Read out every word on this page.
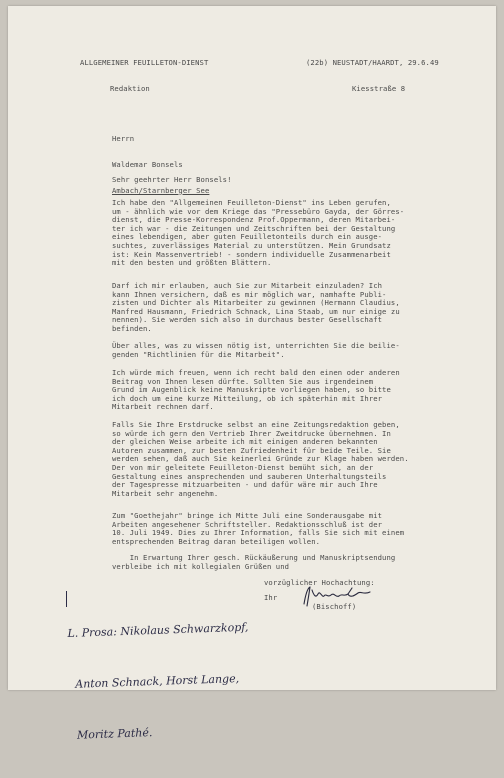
ALLGEMEINER FEUILLETON-DIENST

Redaktion

(22b) NEUSTADT/HAARDT, 29.6.49

Kiesstraße 8

Herrn

Waldemar Bonsels

Ambach/Starnberger See

Sehr geehrter Herr Bonsels!
Ich habe den "Allgemeinen Feuilleton-Dienst" ins Leben gerufen,
um - ähnlich wie vor dem Kriege das "Pressebüro Gayda, der Görres-
dienst, die Presse-Korrespondenz Prof.Oppermann, deren Mitarbei-
ter ich war - die Zeitungen und Zeitschriften bei der Gestaltung
eines lebendigen, aber guten Feuilletonteils durch ein ausge-
suchtes, zuverlässiges Material zu unterstützen. Mein Grundsatz
ist: Kein Massenvertrieb! - sondern individuelle Zusammenarbeit
mit den besten und größten Blättern.
Darf ich mir erlauben, auch Sie zur Mitarbeit einzuladen? Ich
kann Ihnen versichern, daß es mir möglich war, namhafte Publi-
zisten und Dichter als Mitarbeiter zu gewinnen (Hermann Claudius,
Manfred Hausmann, Friedrich Schnack, Lina Staab, um nur einige zu
nennen). Sie werden sich also in durchaus bester Gesellschaft
befinden.
Über alles, was zu wissen nötig ist, unterrichten Sie die beilie-
genden "Richtlinien für die Mitarbeit".
Ich würde mich freuen, wenn ich recht bald den einen oder anderen
Beitrag von Ihnen lesen dürfte. Sollten Sie aus irgendeinem
Grund im Augenblick keine Manuskripte vorliegen haben, so bitte
ich doch um eine kurze Mitteilung, ob ich späterhin mit Ihrer
Mitarbeit rechnen darf.
Falls Sie Ihre Erstdrucke selbst an eine Zeitungsredaktion geben,
so würde ich gern den Vertrieb Ihrer Zweitdrucke übernehmen. In
der gleichen Weise arbeite ich mit einigen anderen bekannten
Autoren zusammen, zur besten Zufriedenheit für beide Teile. Sie
werden sehen, daß auch Sie keinerlei Gründe zur Klage haben werden.
Der von mir geleitete Feuilleton-Dienst bemüht sich, an der
Gestaltung eines ansprechenden und sauberen Unterhaltungsteils
der Tagespresse mitzuarbeiten - und dafür wäre mir auch Ihre
Mitarbeit sehr angenehm.
Zum "Goethejahr" bringe ich Mitte Juli eine Sonderausgabe mit
Arbeiten angesehener Schriftsteller. Redaktionsschluß ist der
10. Juli 1949. Dies zu Ihrer Information, falls Sie sich mit einem
entsprechenden Beitrag daran beteiligen wollen.
In Erwartung Ihrer gesch. Rückäußerung und Manuskriptsendung
verbleibe ich mit kollegialen Grüßen und
vorzüglicher Hochachtung:
Ihr
(Bischoff)

L. Prosa: Nikolaus Schwarzkopf,

Anton Schnack, Horst Lange,

Moritz Pathé.
